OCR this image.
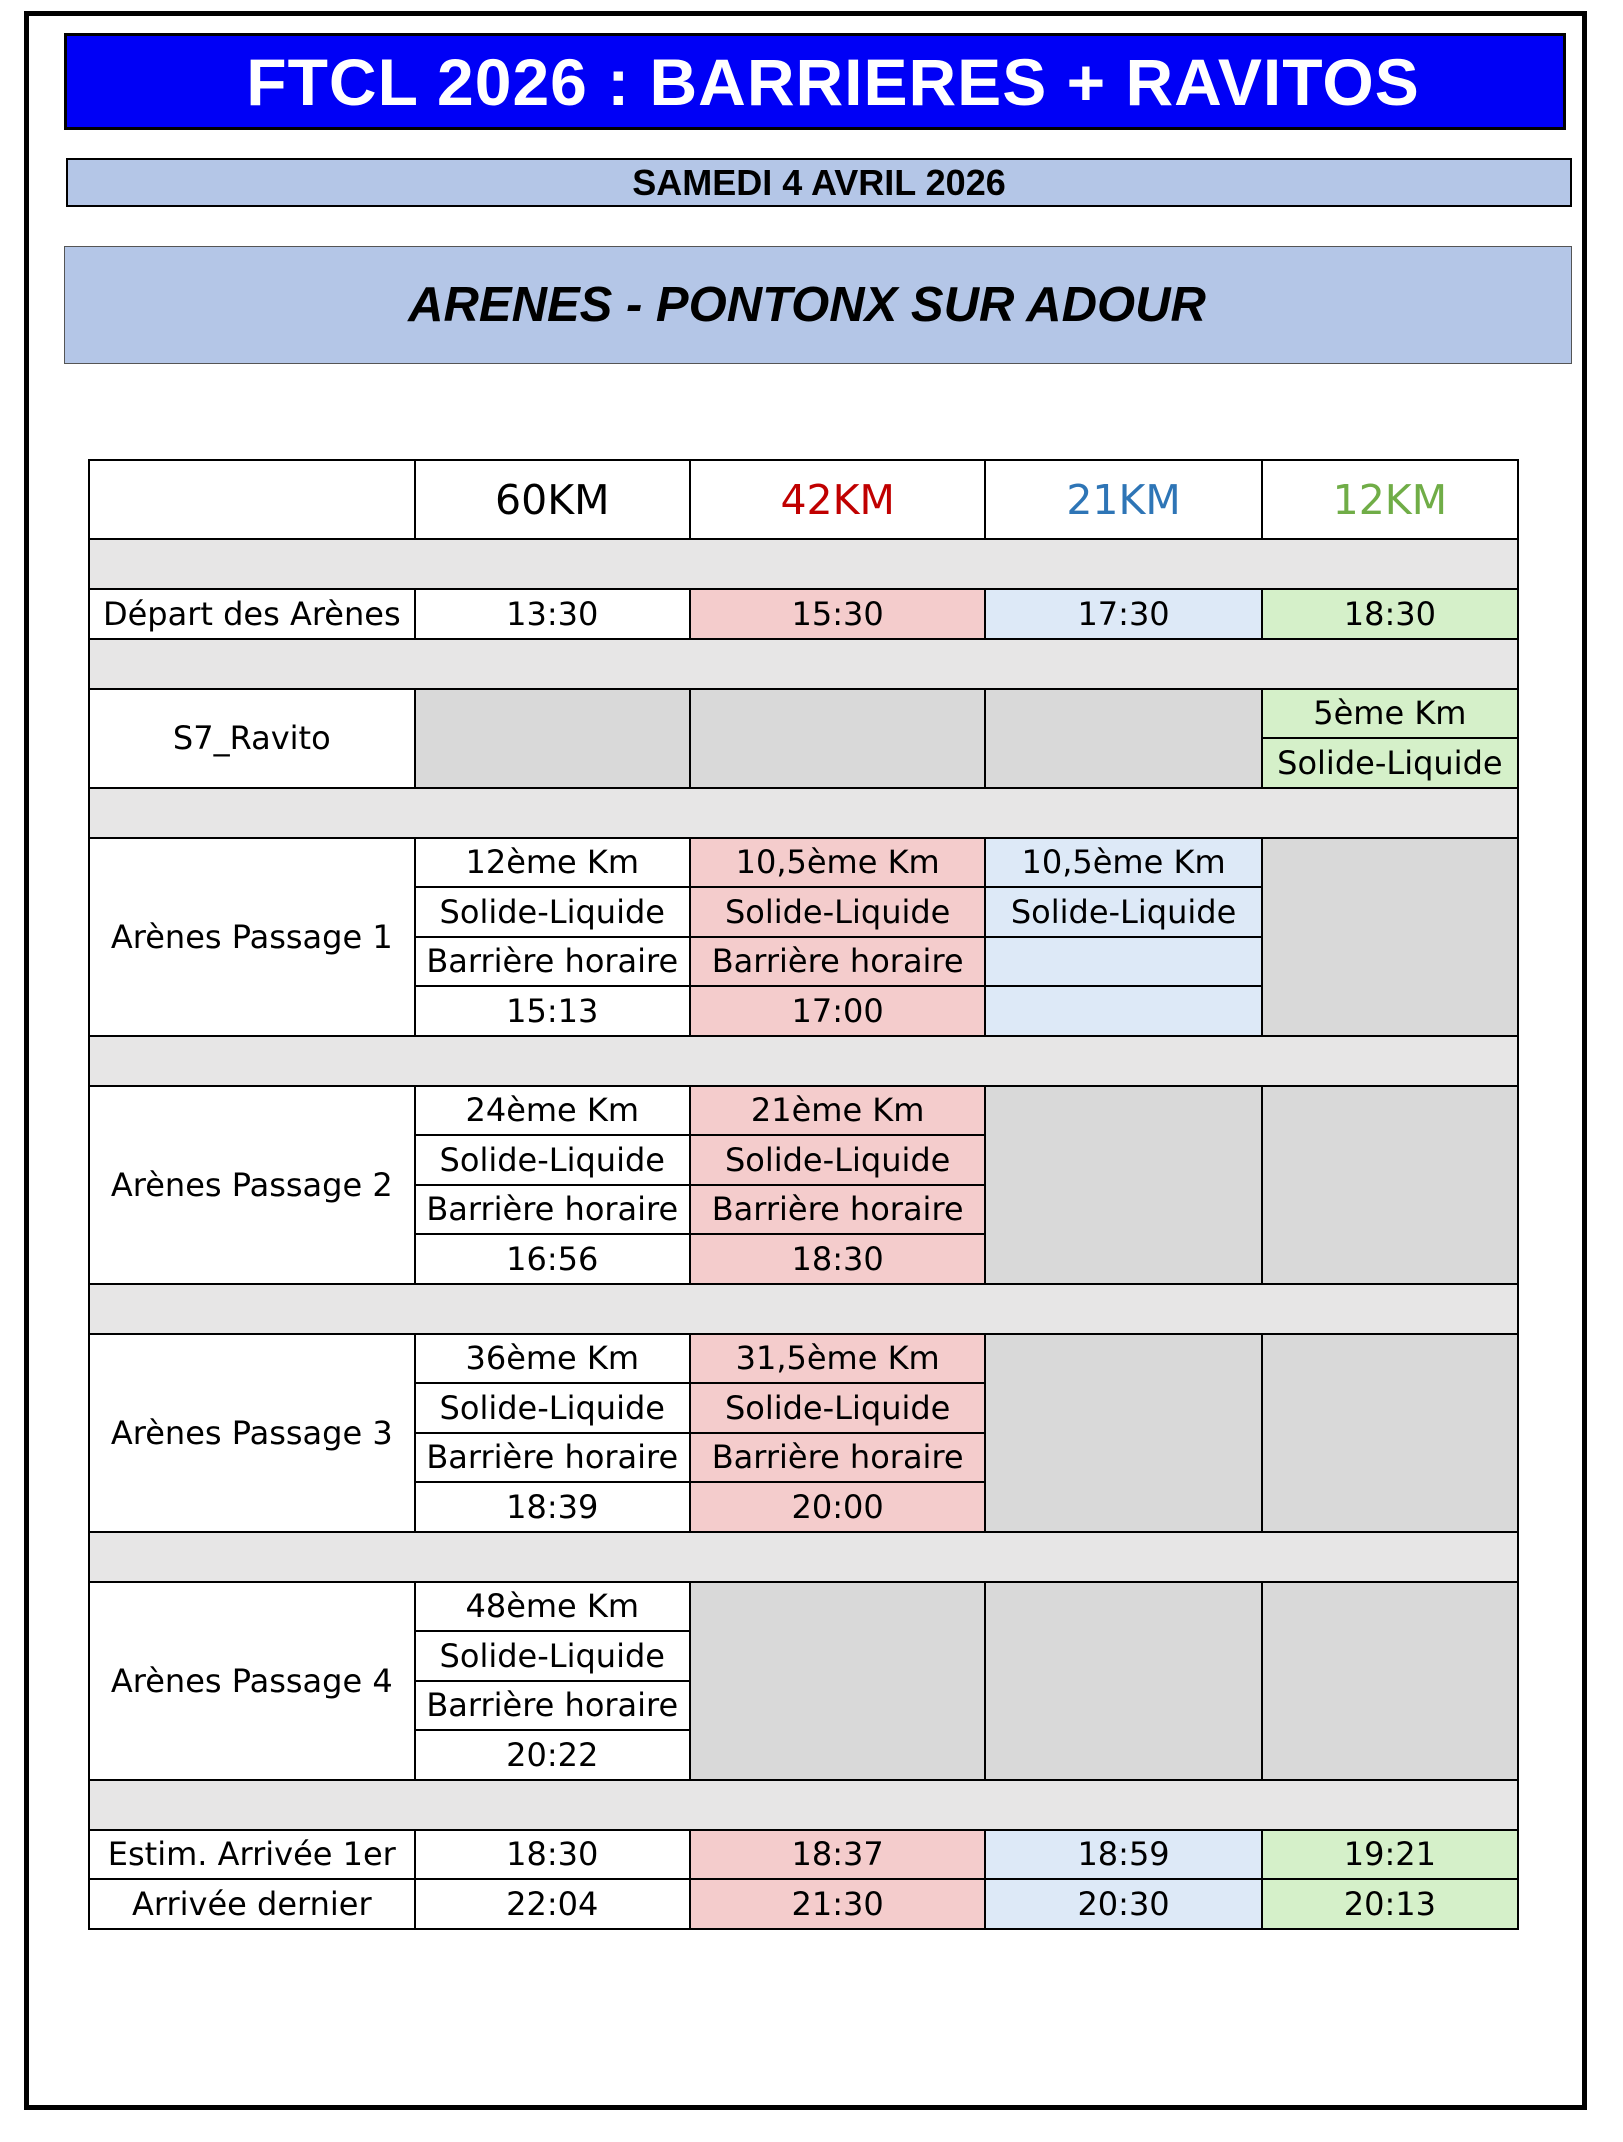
FTCL 2026 : BARRIERES + RAVITOS
SAMEDI 4 AVRIL 2026
ARENES - PONTONX SUR ADOUR
	60KM	42KM	21KM	12KM

Départ des Arènes	13:30	15:30	17:30	18:30

S7_Ravito				5ème Km
				Solide-Liquide

Arènes Passage 1	12ème Km	10,5ème Km	10,5ème Km	
	Solide-Liquide	Solide-Liquide	Solide-Liquide	
	Barrière horaire	Barrière horaire		
	15:13	17:00		

Arènes Passage 2	24ème Km	21ème Km		
	Solide-Liquide	Solide-Liquide		
	Barrière horaire	Barrière horaire		
	16:56	18:30		

Arènes Passage 3	36ème Km	31,5ème Km		
	Solide-Liquide	Solide-Liquide		
	Barrière horaire	Barrière horaire		
	18:39	20:00		

Arènes Passage 4	48ème Km			
	Solide-Liquide			
	Barrière horaire			
	20:22			

Estim. Arrivée 1er	18:30	18:37	18:59	19:21
Arrivée dernier	22:04	21:30	20:30	20:13
